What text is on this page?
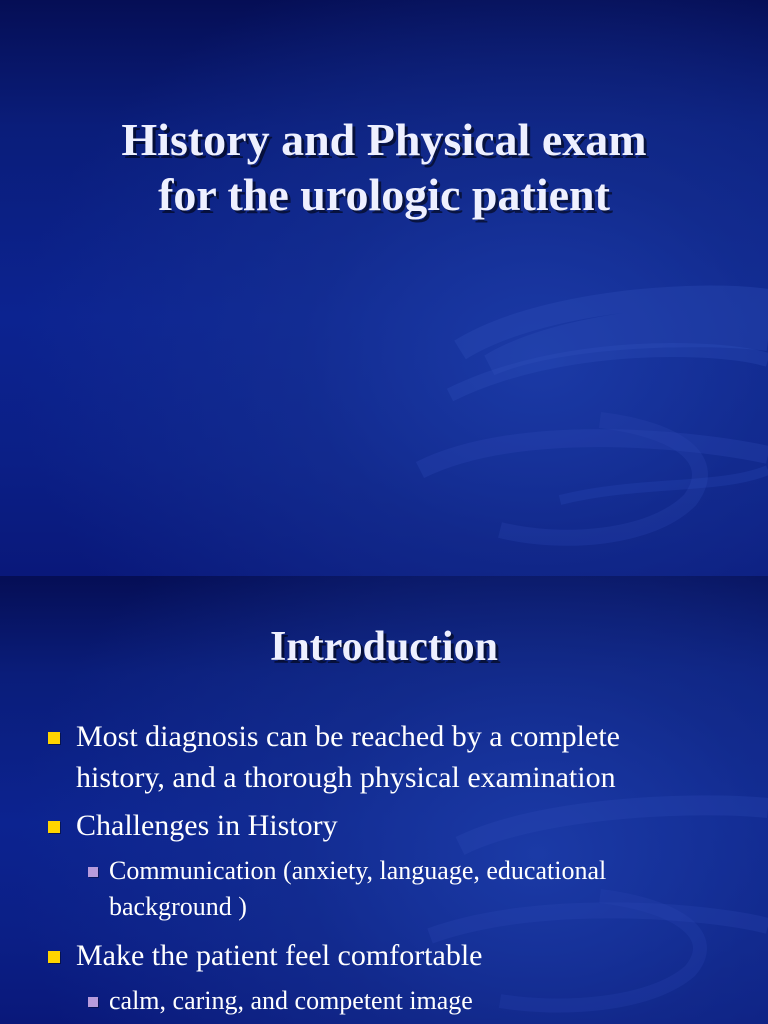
History and Physical exam
for the urologic patient
Introduction
Most diagnosis can be reached by a complete history, and a thorough physical examination
Challenges in History
Communication (anxiety, language, educational background )
Make the patient feel comfortable
calm, caring, and competent image
